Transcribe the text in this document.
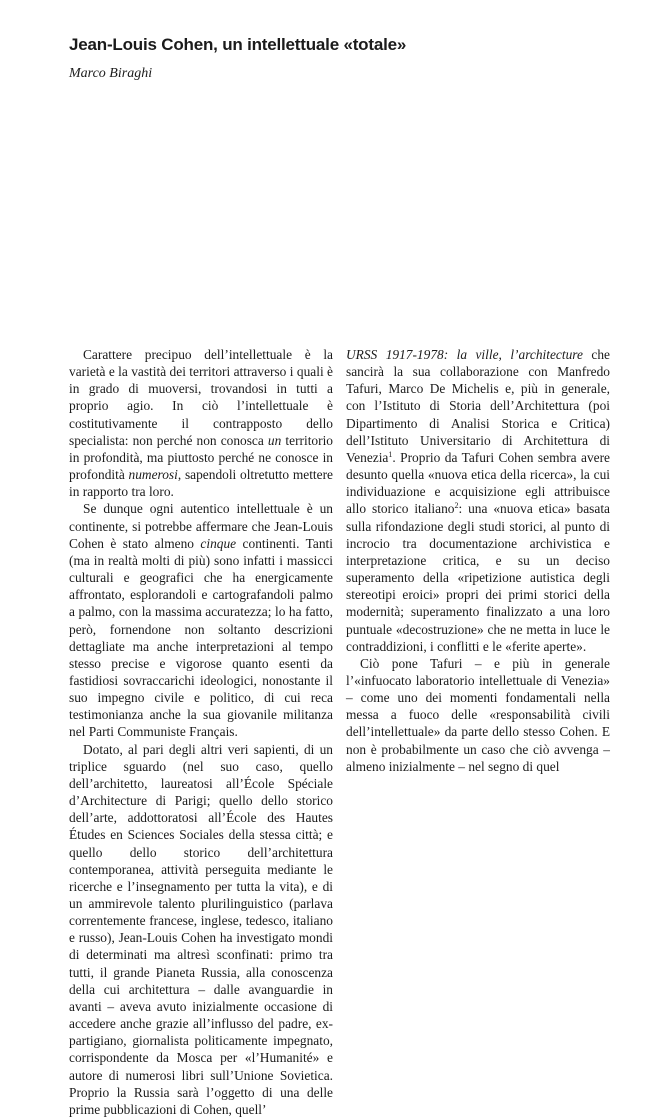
Jean-Louis Cohen, un intellettuale «totale»
Marco Biraghi

Carattere precipuo dell’intellettuale è la varietà e la vastità dei territori attraverso i quali è in grado di muoversi, trovandosi in tutti a proprio agio. In ciò l’intellettuale è costitutivamente il contrapposto dello specialista: non perché non conosca un territorio in profondità, ma piuttosto perché ne conosce in profondità numerosi, sapendoli oltretutto mettere in rapporto tra loro.

Se dunque ogni autentico intellettuale è un continente, si potrebbe affermare che Jean-Louis Cohen è stato almeno cinque continenti. Tanti (ma in realtà molti di più) sono infatti i massicci culturali e geografici che ha energicamente affrontato, esplorandoli e cartografandoli palmo a palmo, con la massima accuratezza; lo ha fatto, però, fornendone non soltanto descrizioni dettagliate ma anche interpretazioni al tempo stesso precise e vigorose quanto esenti da fastidiosi sovraccarichi ideologici, nonostante il suo impegno civile e politico, di cui reca testimonianza anche la sua giovanile militanza nel Parti Communiste Français.

Dotato, al pari degli altri veri sapienti, di un triplice sguardo (nel suo caso, quello dell’architetto, laureatosi all’École Spéciale d’Architecture di Parigi; quello dello storico dell’arte, addottoratosi all’École des Hautes Études en Sciences Sociales della stessa città; e quello dello storico dell’architettura contemporanea, attività perseguita mediante le ricerche e l’insegnamento per tutta la vita), e di un ammirevole talento plurilinguistico (parlava correntemente francese, inglese, tedesco, italiano e russo), Jean-Louis Cohen ha investigato mondi di determinati ma altresì sconfinati: primo tra tutti, il grande Pianeta Russia, alla conoscenza della cui architettura – dalle avanguardie in avanti – aveva avuto inizialmente occasione di accedere anche grazie all’influsso del padre, ex-partigiano, giornalista politicamente impegnato, corrispondente da Mosca per «l’Humanité» e autore di numerosi libri sull’Unione Sovietica. Proprio la Russia sarà l’oggetto di una delle prime pubblicazioni di Cohen, quell’

URSS 1917-1978: la ville, l’architecture che sancirà la sua collaborazione con Manfredo Tafuri, Marco De Michelis e, più in generale, con l’Istituto di Storia dell’Architettura (poi Dipartimento di Analisi Storica e Critica) dell’Istituto Universitario di Architettura di Venezia$^1$. Proprio da Tafuri Cohen sembra avere desunto quella «nuova etica della ricerca», la cui individuazione e acquisizione egli attribuisce allo storico italiano$^2$: una «nuova etica» basata sulla rifondazione degli studi storici, al punto di incrocio tra documentazione archivistica e interpretazione critica, e su un deciso superamento della «ripetizione autistica degli stereotipi eroici» propri dei primi storici della modernità; superamento finalizzato a una loro puntuale «decostruzione» che ne metta in luce le contraddizioni, i conflitti e le «ferite aperte».

Ciò pone Tafuri – e più in generale l’«infuocato laboratorio intellettuale di Venezia» – come uno dei momenti fondamentali nella messa a fuoco delle «responsabilità civili dell’intellettuale» da parte dello stesso Cohen. E non è probabilmente un caso che ciò avvenga – almeno inizialmente – nel segno di quel
